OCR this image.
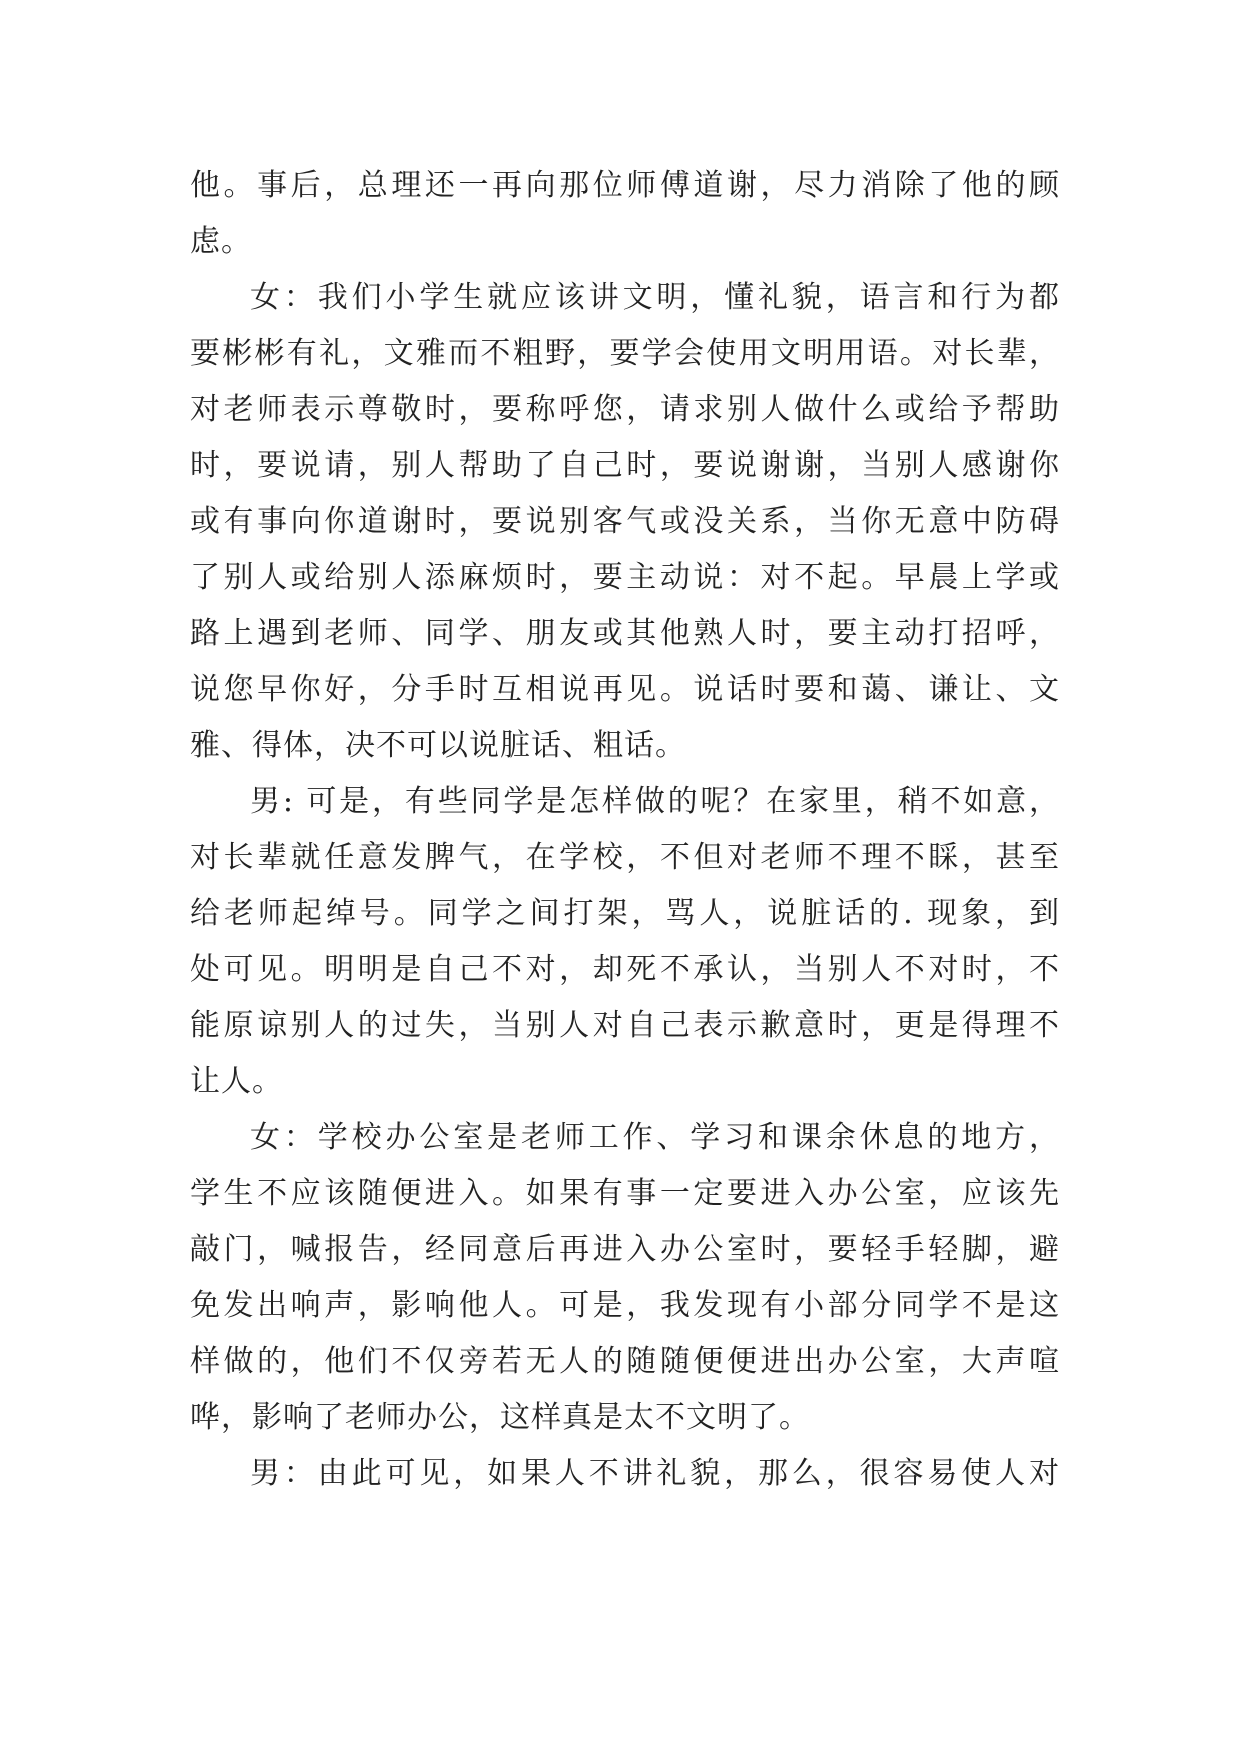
他。事后，总理还一再向那位师傅道谢，尽力消除了他的顾
虑。
女：我们小学生就应该讲文明，懂礼貌，语言和行为都
要彬彬有礼，文雅而不粗野，要学会使用文明用语。对长辈，
对老师表示尊敬时，要称呼您，请求别人做什么或给予帮助
时，要说请，别人帮助了自己时，要说谢谢，当别人感谢你
或有事向你道谢时，要说别客气或没关系，当你无意中防碍
了别人或给别人添麻烦时，要主动说：对不起。早晨上学或
路上遇到老师、同学、朋友或其他熟人时，要主动打招呼，
说您早你好，分手时互相说再见。说话时要和蔼、谦让、文
雅、得体，决不可以说脏话、粗话。
男: 可是，有些同学是怎样做的呢？在家里，稍不如意，
对长辈就任意发脾气，在学校，不但对老师不理不睬，甚至
给老师起绰号。同学之间打架，骂人，说脏话的. 现象，到
处可见。明明是自己不对，却死不承认，当别人不对时，不
能原谅别人的过失，当别人对自己表示歉意时，更是得理不
让人。
女：学校办公室是老师工作、学习和课余休息的地方，
学生不应该随便进入。如果有事一定要进入办公室，应该先
敲门，喊报告，经同意后再进入办公室时，要轻手轻脚，避
免发出响声，影响他人。可是，我发现有小部分同学不是这
样做的，他们不仅旁若无人的随随便便进出办公室，大声喧
哗，影响了老师办公，这样真是太不文明了。
男：由此可见，如果人不讲礼貌，那么，很容易使人对
